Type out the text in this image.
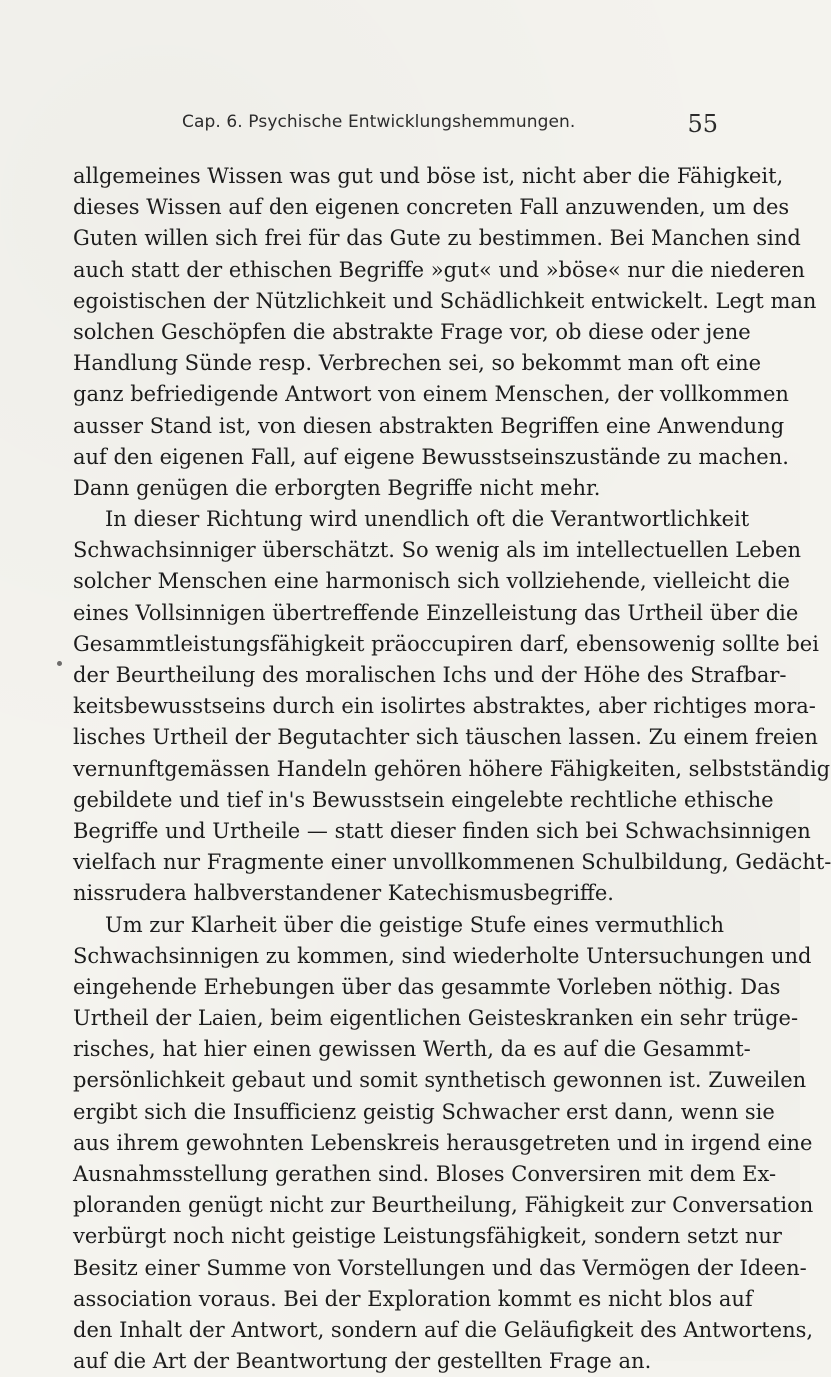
Cap. 6. Psychische Entwicklungshemmungen.	55
allgemeines Wissen was gut und böse ist, nicht aber die Fähigkeit,
dieses Wissen auf den eigenen concreten Fall anzuwenden, um des
Guten willen sich frei für das Gute zu bestimmen. Bei Manchen sind
auch statt der ethischen Begriffe »gut« und »böse« nur die niederen
egoistischen der Nützlichkeit und Schädlichkeit entwickelt. Legt man
solchen Geschöpfen die abstrakte Frage vor, ob diese oder jene
Handlung Sünde resp. Verbrechen sei, so bekommt man oft eine
ganz befriedigende Antwort von einem Menschen, der vollkommen
ausser Stand ist, von diesen abstrakten Begriffen eine Anwendung
auf den eigenen Fall, auf eigene Bewusstseinszustände zu machen.
Dann genügen die erborgten Begriffe nicht mehr.
In dieser Richtung wird unendlich oft die Verantwortlichkeit
Schwachsinniger überschätzt. So wenig als im intellectuellen Leben
solcher Menschen eine harmonisch sich vollziehende, vielleicht die
eines Vollsinnigen übertreffende Einzelleistung das Urtheil über die
Gesammtleistungsfähigkeit präoccupiren darf, ebensowenig sollte bei
der Beurtheilung des moralischen Ichs und der Höhe des Strafbar-
keitsbewusstseins durch ein isolirtes abstraktes, aber richtiges mora-
lisches Urtheil der Begutachter sich täuschen lassen. Zu einem freien
vernunftgemässen Handeln gehören höhere Fähigkeiten, selbstständig
gebildete und tief in's Bewusstsein eingelebte rechtliche ethische
Begriffe und Urtheile — statt dieser finden sich bei Schwachsinnigen
vielfach nur Fragmente einer unvollkommenen Schulbildung, Gedächt-
nissrudera halbverstandener Katechismusbegriffe.
Um zur Klarheit über die geistige Stufe eines vermuthlich
Schwachsinnigen zu kommen, sind wiederholte Untersuchungen und
eingehende Erhebungen über das gesammte Vorleben nöthig. Das
Urtheil der Laien, beim eigentlichen Geisteskranken ein sehr trüge-
risches, hat hier einen gewissen Werth, da es auf die Gesammt-
persönlichkeit gebaut und somit synthetisch gewonnen ist. Zuweilen
ergibt sich die Insufficienz geistig Schwacher erst dann, wenn sie
aus ihrem gewohnten Lebenskreis herausgetreten und in irgend eine
Ausnahmsstellung gerathen sind. Bloses Conversiren mit dem Ex-
ploranden genügt nicht zur Beurtheilung, Fähigkeit zur Conversation
verbürgt noch nicht geistige Leistungsfähigkeit, sondern setzt nur
Besitz einer Summe von Vorstellungen und das Vermögen der Ideen-
association voraus. Bei der Exploration kommt es nicht blos auf
den Inhalt der Antwort, sondern auf die Geläufigkeit des Antwortens,
auf die Art der Beantwortung der gestellten Frage an.
